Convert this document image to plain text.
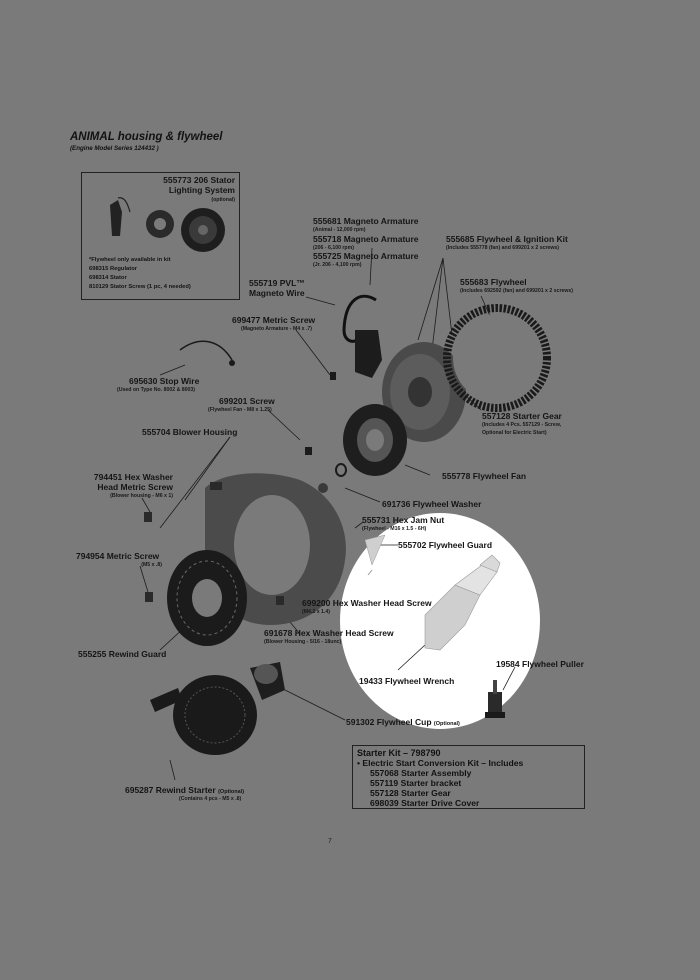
ANIMAL housing & flywheel
(Engine Model Series 124432 )
555773 206 Stator
Lighting System
(optional)
*Flywheel only available in kit
698315 Regulator
698314 Stator
810129 Stator Screw (1 pc, 4 needed)
555681 Magneto Armature
(Animal - 12,000 rpm)
555718 Magneto Armature
(206 - 6,100 rpm)
555725 Magneto Armature
(Jr. 206 - 4,100 rpm)
555685 Flywheel & Ignition Kit
(Includes 555778 (fan) and 699201 x 2 screws)
555719 PVL™
Magneto Wire
555683 Flywheel
(Includes 692592 (fan) and 699201 x 2 screws)
699477 Metric Screw
(Magneto Armature - M4 x .7)
695630 Stop Wire
(Used on Type No. 8002 & 8003)
699201 Screw
(Flywheel Fan - M8 x 1.25)
557128 Starter Gear
(Includes 4 Pcs. 557129 - Screw,
Optional for Electric Start)
555704 Blower Housing
555778 Flywheel Fan
794451 Hex Washer
Head Metric Screw
(Blower housing - M6 x 1)
691736 Flywheel Washer
555731 Hex Jam Nut
(Flywheel - M16 x 1.5 - 6H)
555702 Flywheel Guard
794954 Metric Screw
(M5 x .8)
699200 Hex Washer Head Screw
(M4.2 x 1.4)
691678 Hex Washer Head Screw
(Blower Housing - 5/16 - 18unc)
555255 Rewind Guard
19584 Flywheel Puller
19433 Flywheel Wrench
591302 Flywheel Cup (Optional)
695287 Rewind Starter (Optional)
(Contains 4 pcs - M5 x .8)
Starter Kit – 798790
• Electric Start Conversion Kit – Includes
557068 Starter Assembly
557119 Starter bracket
557128 Starter Gear
698039 Starter Drive Cover
7
